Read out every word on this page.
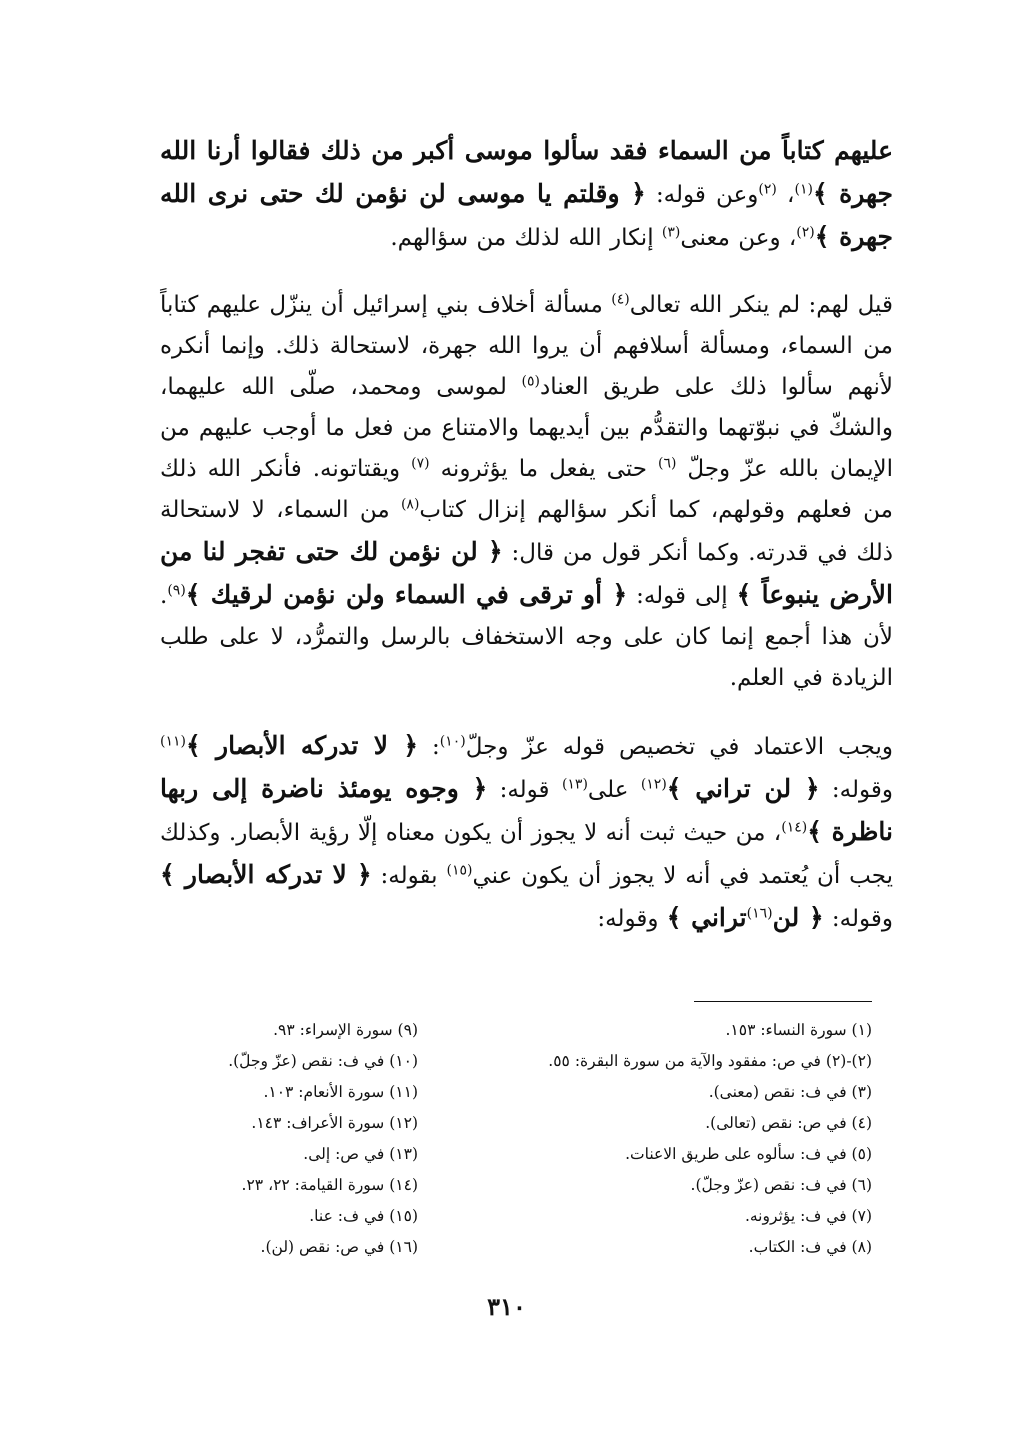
عليهم كتاباً من السماء فقد سألوا موسى أكبر من ذلك فقالوا أرنا الله جهرة ﴾$^{(١)}$، $^{(٢)}$وعن قوله: ﴿ وقلتم يا موسى لن نؤمن لك حتى نرى الله جهرة ﴾$^{(٢)}$، وعن معنى$^{(٣)}$ إنكار الله لذلك من سؤالهم.

قيل لهم: لم ينكر الله تعالى$^{(٤)}$ مسألة أخلاف بني إسرائيل أن ينزّل عليهم كتاباً من السماء، ومسألة أسلافهم أن يروا الله جهرة، لاستحالة ذلك. وإنما أنكره لأنهم سألوا ذلك على طريق العناد$^{(٥)}$ لموسى ومحمد، صلّى الله عليهما، والشكّ في نبوّتهما والتقدُّم بين أيديهما والامتناع من فعل ما أوجب عليهم من الإيمان بالله عزّ وجلّ $^{(٦)}$ حتى يفعل ما يؤثرونه $^{(٧)}$ ويقتاتونه. فأنكر الله ذلك من فعلهم وقولهم، كما أنكر سؤالهم إنزال كتاب$^{(٨)}$ من السماء، لا لاستحالة ذلك في قدرته. وكما أنكر قول من قال: ﴿ لن نؤمن لك حتى تفجر لنا من الأرض ينبوعاً ﴾ إلى قوله: ﴿ أو ترقى في السماء ولن نؤمن لرقيك ﴾$^{(٩)}$. لأن هذا أجمع إنما كان على وجه الاستخفاف بالرسل والتمرُّد، لا على طلب الزيادة في العلم.

ويجب الاعتماد في تخصيص قوله عزّ وجلّ$^{(١٠)}$: ﴿ لا تدركه الأبصار ﴾$^{(١١)}$ وقوله: ﴿ لن تراني ﴾$^{(١٢)}$ على$^{(١٣)}$ قوله: ﴿ وجوه يومئذ ناضرة إلى ربها ناظرة ﴾$^{(١٤)}$، من حيث ثبت أنه لا يجوز أن يكون معناه إلّا رؤية الأبصار. وكذلك يجب أن يُعتمد في أنه لا يجوز أن يكون عني$^{(١٥)}$ بقوله: ﴿ لا تدركه الأبصار ﴾ وقوله: ﴿ لن$^{(١٦)}$تراني ﴾ وقوله:

(١) سورة النساء: ١٥٣.
(٢)-(٢) في ص: مفقود والآية من سورة البقرة: ٥٥.
(٣) في ف: نقص (معنى).
(٤) في ص: نقص (تعالى).
(٥) في ف: سألوه على طريق الاعنات.
(٦) في ف: نقص (عزّ وجلّ).
(٧) في ف: يؤثرونه.
(٨) في ف: الكتاب.
(٩) سورة الإسراء: ٩٣.
(١٠) في ف: نقص (عزّ وجلّ).
(١١) سورة الأنعام: ١٠٣.
(١٢) سورة الأعراف: ١٤٣.
(١٣) في ص: إلى.
(١٤) سورة القيامة: ٢٢، ٢٣.
(١٥) في ف: عنا.
(١٦) في ص: نقص (لن).
٣١٠
